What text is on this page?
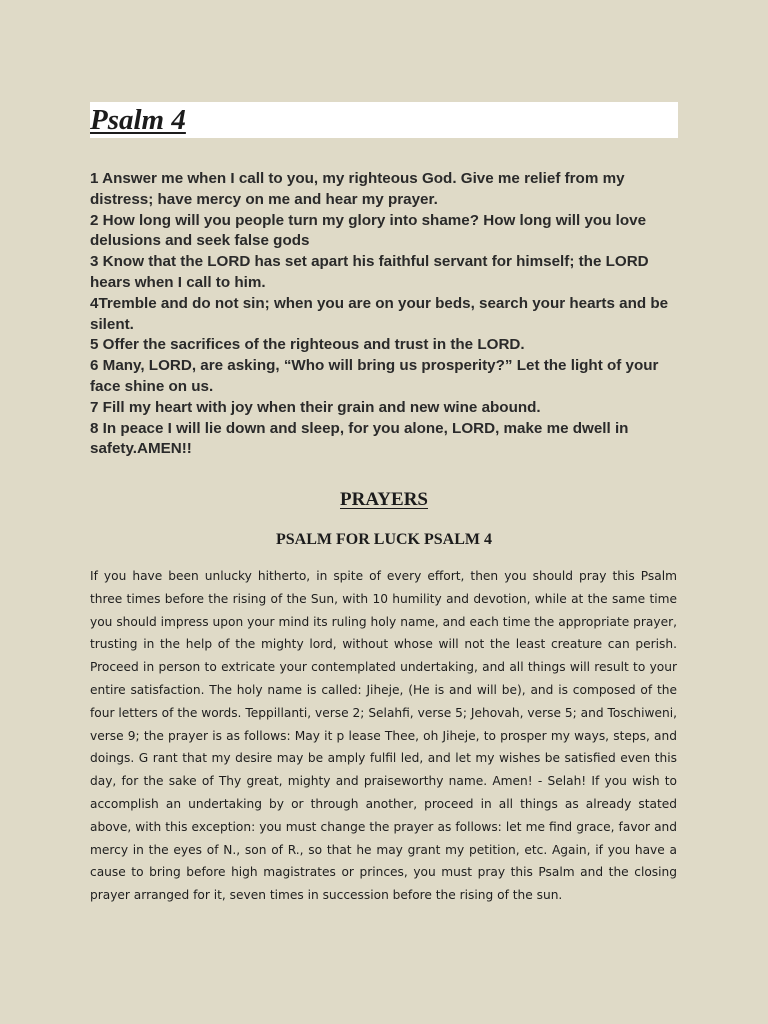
Psalm 4
1 Answer me when I call to you, my righteous God. Give me relief from my distress; have mercy on me and hear my prayer.
2 How long will you people turn my glory into shame? How long will you love delusions and seek false gods
3 Know that the LORD has set apart his faithful servant for himself; the LORD hears when I call to him.
4Tremble and do not sin; when you are on your beds, search your hearts and be silent.
5 Offer the sacrifices of the righteous and trust in the LORD.
6 Many, LORD, are asking, “Who will bring us prosperity?” Let the light of your face shine on us.
7 Fill my heart with joy when their grain and new wine abound.
8 In peace I will lie down and sleep, for you alone, LORD, make me dwell in safety.AMEN!!
PRAYERS
PSALM FOR LUCK PSALM 4

If you have been unlucky hitherto, in spite of every effort, then you should pray this Psalm three times before the rising of the Sun, with 10 humility and devotion, while at the same time you should impress upon your mind its ruling holy name, and each time the appropriate prayer, trusting in the help of the mighty lord, without whose will not the least creature can perish. Proceed in person to extricate your contemplated undertaking, and all things will result to your entire satisfaction. The holy name is called: Jiheje, (He is and will be), and is composed of the four letters of the words. Teppillanti, verse 2; Selahfi, verse 5; Jehovah, verse 5; and Toschiweni, verse 9; the prayer is as follows: May it p lease Thee, oh Jiheje, to prosper my ways, steps, and doings. G rant that my desire may be amply fulfil led, and let my wishes be satisfied even this day, for the sake of Thy great, mighty and praiseworthy name. Amen! - Selah! If you wish to accomplish an undertaking by or through another, proceed in all things as already stated above, with this exception: you must change the prayer as follows: let me find grace, favor and mercy in the eyes of N., son of R., so that he may grant my petition, etc. Again, if you have a cause to bring before high magistrates or princes, you must pray this Psalm and the closing prayer arranged for it, seven times in succession before the rising of the sun.
